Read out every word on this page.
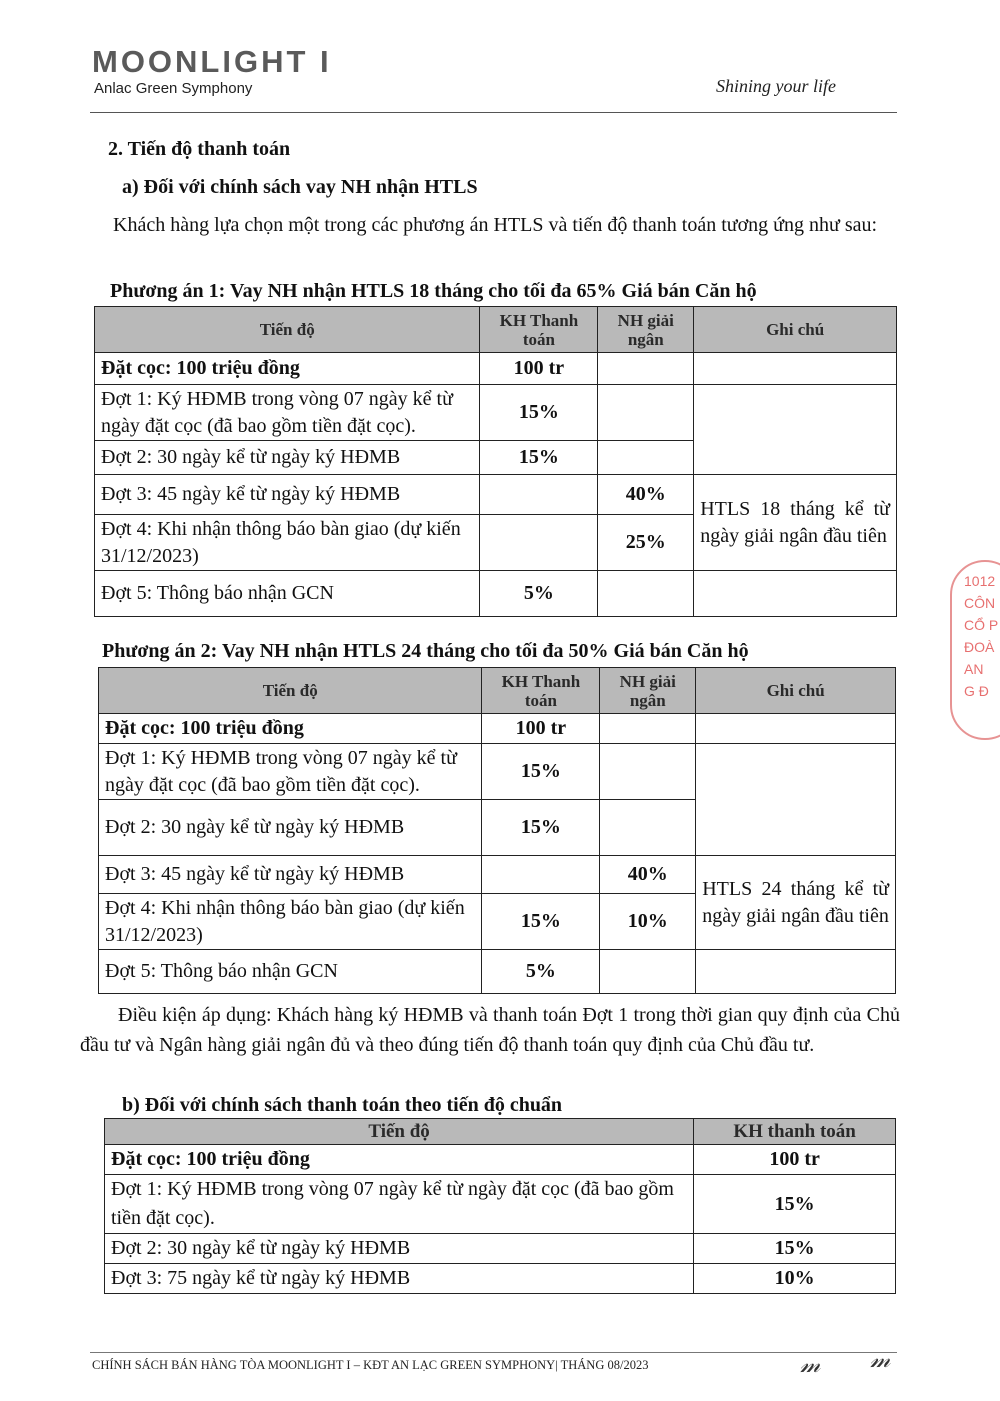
MOONLIGHT I
Anlac Green Symphony	Shining your life
2. Tiến độ thanh toán
a) Đối với chính sách vay NH nhận HTLS
Khách hàng lựa chọn một trong các phương án HTLS và tiến độ thanh toán tương ứng như sau:
Phương án 1: Vay NH nhận HTLS 18 tháng cho tối đa 65% Giá bán Căn hộ
Tiến độ	KH Thanh toán	NH giải ngân	Ghi chú
Đặt cọc: 100 triệu đồng	100 tr		
Đợt 1: Ký HĐMB trong vòng 07 ngày kể từ ngày đặt cọc (đã bao gồm tiền đặt cọc).	15%		
Đợt 2: 30 ngày kể từ ngày ký HĐMB	15%		
Đợt 3: 45 ngày kể từ ngày ký HĐMB		40%	HTLS 18 tháng kể từ ngày giải ngân đầu tiên
Đợt 4: Khi nhận thông báo bàn giao (dự kiến 31/12/2023)		25%	
Đợt 5: Thông báo nhận GCN	5%		
Phương án 2: Vay NH nhận HTLS 24 tháng cho tối đa 50% Giá bán Căn hộ
Tiến độ	KH Thanh toán	NH giải ngân	Ghi chú
Đặt cọc: 100 triệu đồng	100 tr		
Đợt 1: Ký HĐMB trong vòng 07 ngày kể từ ngày đặt cọc (đã bao gồm tiền đặt cọc).	15%		
Đợt 2: 30 ngày kể từ ngày ký HĐMB	15%		
Đợt 3: 45 ngày kể từ ngày ký HĐMB		40%	HTLS 24 tháng kể từ ngày giải ngân đầu tiên
Đợt 4: Khi nhận thông báo bàn giao (dự kiến 31/12/2023)	15%	10%	
Đợt 5: Thông báo nhận GCN	5%		
Điều kiện áp dụng: Khách hàng ký HĐMB và thanh toán Đợt 1 trong thời gian quy định của Chủ đầu tư và Ngân hàng giải ngân đủ và theo đúng tiến độ thanh toán quy định của Chủ đầu tư.
b) Đối với chính sách thanh toán theo tiến độ chuẩn
Tiến độ	KH thanh toán
Đặt cọc: 100 triệu đồng	100 tr
Đợt 1: Ký HĐMB trong vòng 07 ngày kể từ ngày đặt cọc (đã bao gồm tiền đặt cọc).	15%
Đợt 2: 30 ngày kể từ ngày ký HĐMB	15%
Đợt 3: 75 ngày kể từ ngày ký HĐMB	10%
CHÍNH SÁCH BÁN HÀNG TÒA MOONLIGHT I – KĐT AN LẠC GREEN SYMPHONY| THÁNG 08/2023	𝓂 𝓂
1012
CÔN
CỔ P
ĐOÀ
AN
G Đ
